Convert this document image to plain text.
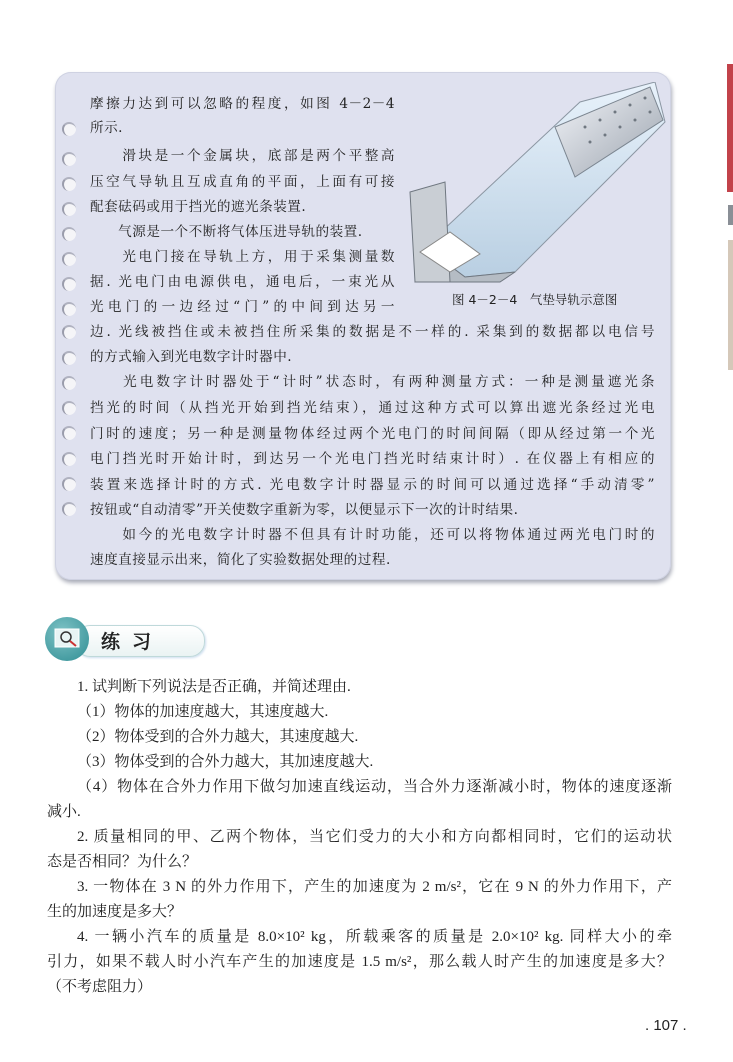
摩擦力达到可以忽略的程度，如图 4－2－4
所示.
　　滑块是一个金属块，底部是两个平整高
压空气导轨且互成直角的平面，上面有可接
配套砝码或用于挡光的遮光条装置.
　　气源是一个不断将气体压进导轨的装置.
　　光电门接在导轨上方，用于采集测量数
据. 光电门由电源供电，通电后，一束光从
光电门的一边经过“门”的中间到达另一
边. 光线被挡住或未被挡住所采集的数据是不一样的. 采集到的数据都以电信号
的方式输入到光电数字计时器中.
　　光电数字计时器处于“计时”状态时，有两种测量方式：一种是测量遮光条
挡光的时间（从挡光开始到挡光结束），通过这种方式可以算出遮光条经过光电
门时的速度；另一种是测量物体经过两个光电门的时间间隔（即从经过第一个光
电门挡光时开始计时，到达另一个光电门挡光时结束计时）. 在仪器上有相应的
装置来选择计时的方式. 光电数字计时器显示的时间可以通过选择“手动清零”
按钮或“自动清零”开关使数字重新为零，以便显示下一次的计时结果.
　　如今的光电数字计时器不但具有计时功能，还可以将物体通过两光电门时的
速度直接显示出来，简化了实验数据处理的过程.
图 4－2－4　气垫导轨示意图
练习
1. 试判断下列说法是否正确，并简述理由.
（1）物体的加速度越大，其速度越大.
（2）物体受到的合外力越大，其速度越大.
（3）物体受到的合外力越大，其加速度越大.
（4）物体在合外力作用下做匀加速直线运动，当合外力逐渐减小时，物体的速度逐渐
减小.
2. 质量相同的甲、乙两个物体，当它们受力的大小和方向都相同时，它们的运动状
态是否相同？为什么？
3. 一物体在 3 N 的外力作用下，产生的加速度为 2 m/s²，它在 9 N 的外力作用下，产
生的加速度是多大？
4. 一辆小汽车的质量是 8.0×10² kg，所载乘客的质量是 2.0×10² kg. 同样大小的牵
引力，如果不载人时小汽车产生的加速度是 1.5 m/s²，那么载人时产生的加速度是多大？
（不考虑阻力）
. 107 .
